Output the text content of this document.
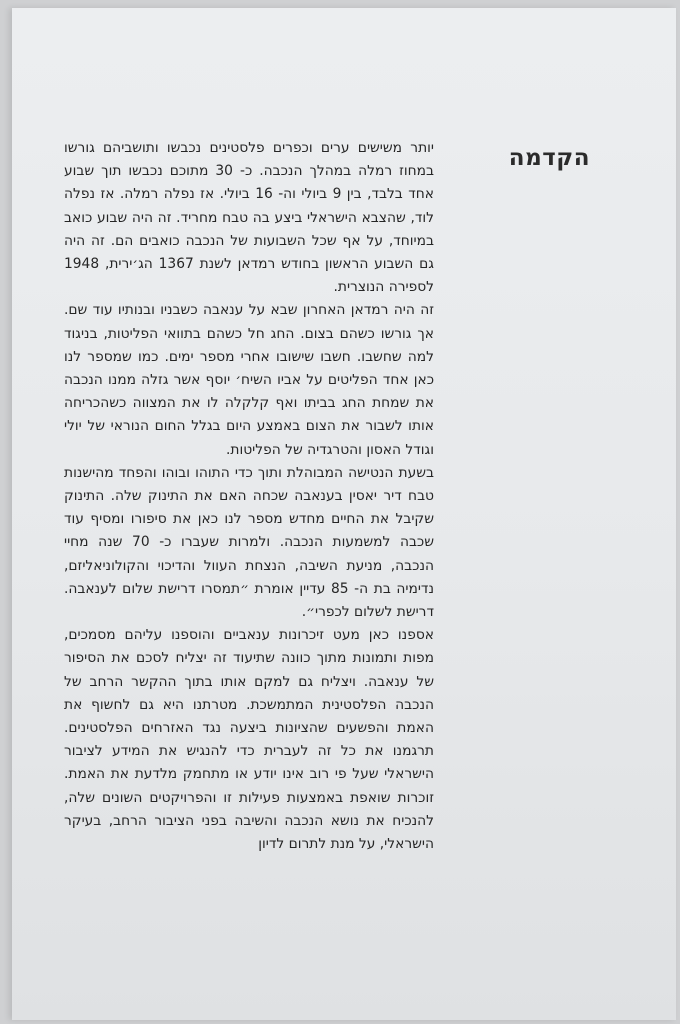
הקדמה

יותר משישים ערים וכפרים פלסטינים נכבשו ותושביהם גורשו במחוז רמלה במהלך הנכבה. כ- 30 מתוכם נכבשו תוך שבוע אחד בלבד, בין 9 ביולי וה- 16 ביולי. אז נפלה רמלה. אז נפלה לוד, שהצבא הישראלי ביצע בה טבח מחריד. זה היה שבוע כואב במיוחד, על אף שכל השבועות של הנכבה כואבים הם. זה היה גם השבוע הראשון בחודש רמדאן לשנת 1367 הג׳ירית, 1948 לספירה הנוצרית.

זה היה רמדאן האחרון שבא על ענאבה כשבניו ובנותיו עוד שם. אך גורשו כשהם בצום. החג חל כשהם בתוואי הפליטות, בניגוד למה שחשבו. חשבו שישובו אחרי מספר ימים. כמו שמספר לנו כאן אחד הפליטים על אביו השיח׳ יוסף אשר גזלה ממנו הנכבה את שמחת החג בביתו ואף קלקלה לו את המצווה כשהכריחה אותו לשבור את הצום באמצע היום בגלל החום הנוראי של יולי וגודל האסון והטרגדיה של הפליטות.

בשעת הנטישה המבוהלת ותוך כדי התוהו ובוהו והפחד מהישנות טבח דיר יאסין בענאבה שכחה האם את התינוק שלה. התינוק שקיבל את החיים מחדש מספר לנו כאן את סיפורו ומסיף עוד שכבה למשמעות הנכבה. ולמרות שעברו כ- 70 שנה מחיי הנכבה, מניעת השיבה, הנצחת העוול והדיכוי והקולוניאליזם, נדימיה בת ה- 85 עדיין אומרת ״תמסרו דרישת שלום לענאבה. דרישת לשלום לכפרי״.

אספנו כאן מעט זיכרונות ענאביים והוספנו עליהם מסמכים, מפות ותמונות מתוך כוונה שתיעוד זה יצליח לסכם את הסיפור של ענאבה. ויצליח גם למקם אותו בתוך ההקשר הרחב של הנכבה הפלסטינית המתמשכת. מטרתנו היא גם לחשוף את האמת והפשעים שהציונות ביצעה נגד האזרחים הפלסטינים. תרגמנו את כל זה לעברית כדי להנגיש את המידע לציבור הישראלי שעל פי רוב אינו יודע או מתחמק מלדעת את האמת. זוכרות שואפת באמצעות פעילות זו והפרויקטים השונים שלה, להנכיח את נושא הנכבה והשיבה בפני הציבור הרחב, בעיקר הישראלי, על מנת לתרום לדיון
